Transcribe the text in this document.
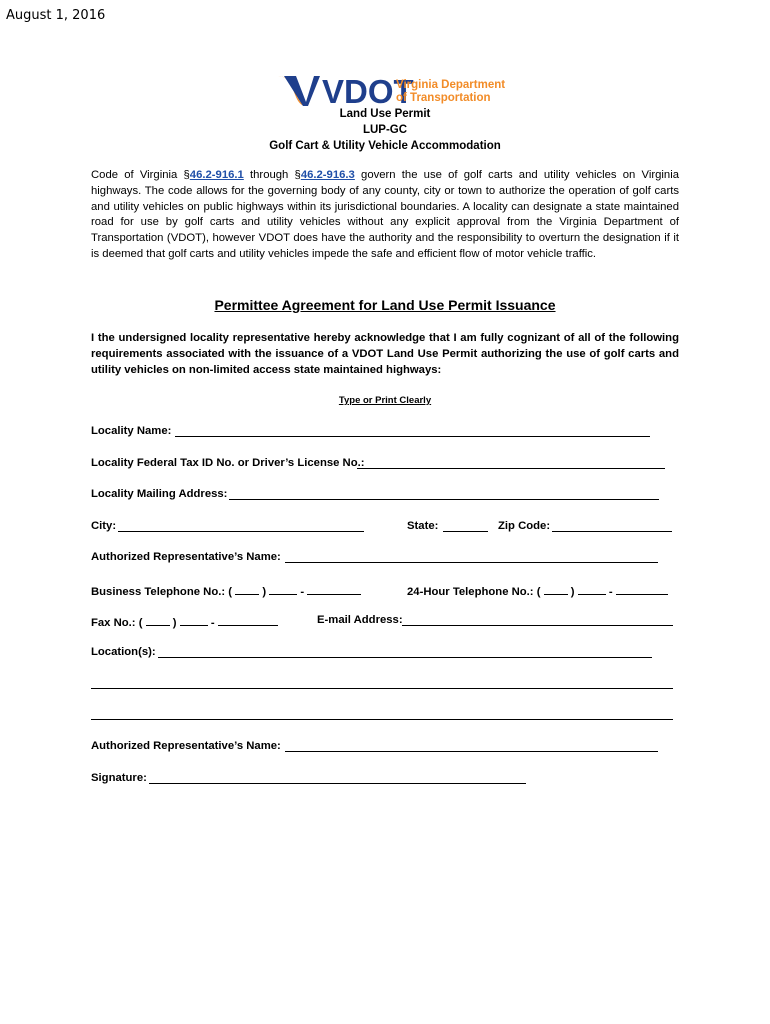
August 1, 2016
VDOT
Virginia Department
of Transportation
Land Use Permit
LUP-GC
Golf Cart & Utility Vehicle Accommodation
Code of Virginia §46.2-916.1 through §46.2-916.3 govern the use of golf carts and utility vehicles on Virginia highways. The code allows for the governing body of any county, city or town to authorize the operation of golf carts and utility vehicles on public highways within its jurisdictional boundaries. A locality can designate a state maintained road for use by golf carts and utility vehicles without any explicit approval from the Virginia Department of Transportation (VDOT), however VDOT does have the authority and the responsibility to overturn the designation if it is deemed that golf carts and utility vehicles impede the safe and efficient flow of motor vehicle traffic.
Permittee Agreement for Land Use Permit Issuance
I the undersigned locality representative hereby acknowledge that I am fully cognizant of all of the following requirements associated with the issuance of a VDOT Land Use Permit authorizing the use of golf carts and utility vehicles on non-limited access state maintained highways:
Type or Print Clearly
Locality Name:
Locality Federal Tax ID No. or Driver’s License No.:
Locality Mailing Address:
City:	State:	Zip Code:
Authorized Representative’s Name:
Business Telephone No.: (	)	-	24-Hour Telephone No.: (	)	-
Fax No.: (	)	-	E-mail Address:
Location(s):
Authorized Representative’s Name:
Signature:
